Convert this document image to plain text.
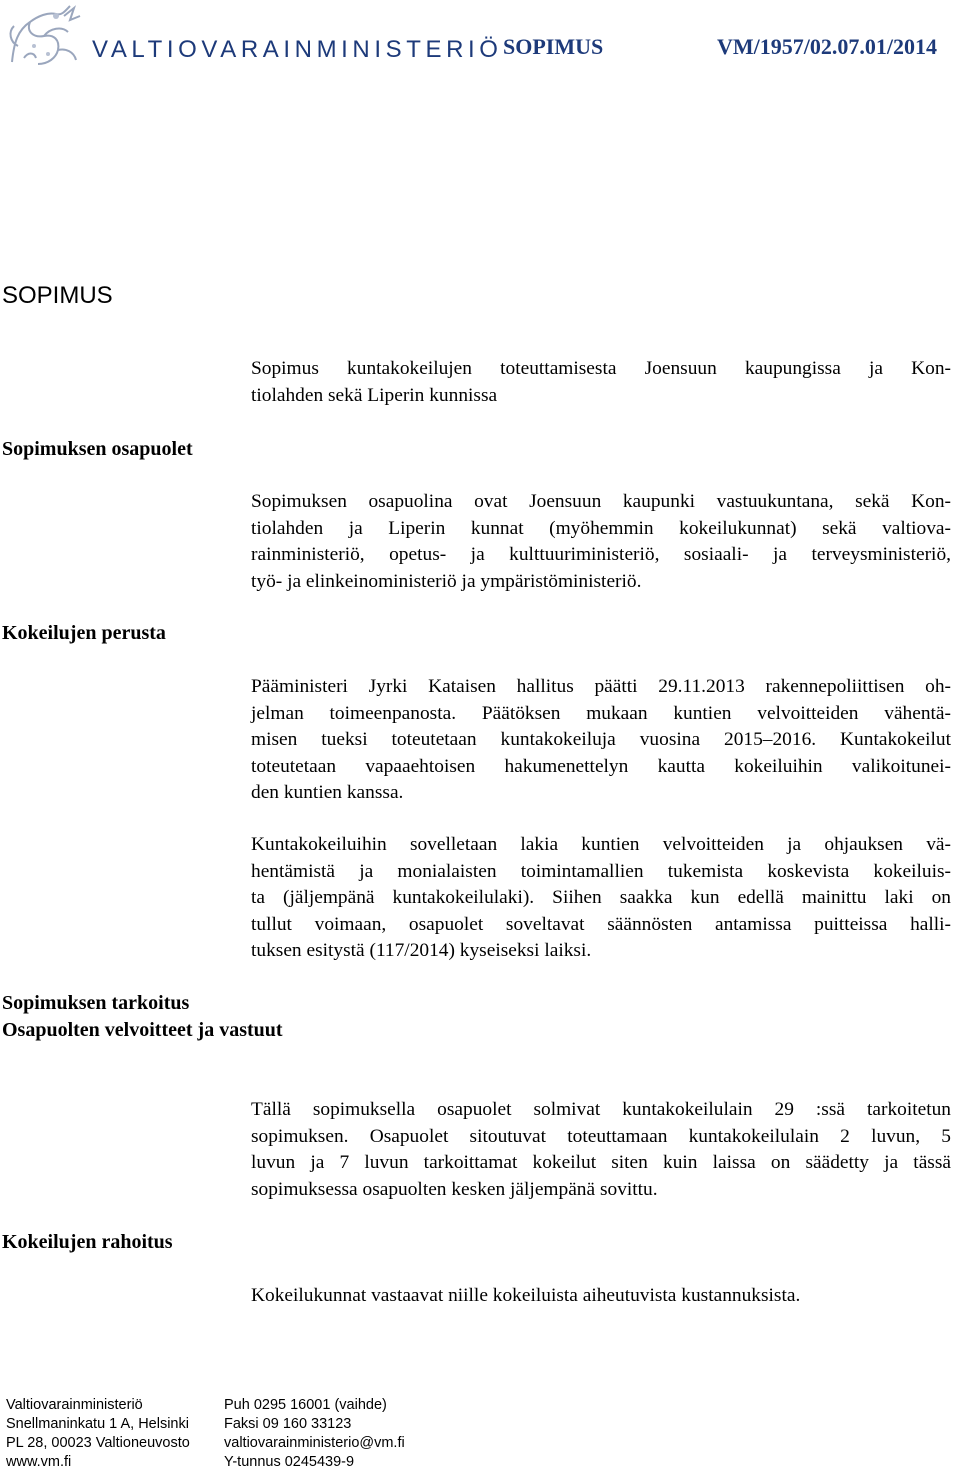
VALTIOVARAINMINISTERIÖ SOPIMUS	VM/1957/02.07.01/2014
SOPIMUS
Sopimus kuntakokeilujen toteuttamisesta Joensuun kaupungissa ja Kon-
tiolahden sekä Liperin kunnissa
Sopimuksen osapuolet
Sopimuksen osapuolina ovat Joensuun kaupunki vastuukuntana, sekä Kon-
tiolahden ja Liperin kunnat (myöhemmin kokeilukunnat) sekä valtiova-
rainministeriö, opetus- ja kulttuuriministeriö, sosiaali- ja terveysministeriö,
työ- ja elinkeinoministeriö ja ympäristöministeriö.
Kokeilujen perusta
Pääministeri Jyrki Kataisen hallitus päätti 29.11.2013 rakennepoliittisen oh-
jelman toimeenpanosta. Päätöksen mukaan kuntien velvoitteiden vähentä-
misen tueksi toteutetaan kuntakokeiluja vuosina 2015–2016. Kuntakokeilut
toteutetaan vapaaehtoisen hakumenettelyn kautta kokeiluihin valikoitunei-
den kuntien kanssa.
Kuntakokeiluihin sovelletaan lakia kuntien velvoitteiden ja ohjauksen vä-
hentämistä ja monialaisten toimintamallien tukemista koskevista kokeiluis-
ta (jäljempänä kuntakokeilulaki). Siihen saakka kun edellä mainittu laki on
tullut voimaan, osapuolet soveltavat säännösten antamissa puitteissa halli-
tuksen esitystä (117/2014) kyseiseksi laiksi.
Sopimuksen tarkoitus
Osapuolten velvoitteet ja vastuut
Tällä sopimuksella osapuolet solmivat kuntakokeilulain 29 :ssä tarkoitetun
sopimuksen. Osapuolet sitoutuvat toteuttamaan kuntakokeilulain 2 luvun, 5
luvun ja 7 luvun tarkoittamat kokeilut siten kuin laissa on säädetty ja tässä
sopimuksessa osapuolten kesken jäljempänä sovittu.
Kokeilujen rahoitus
Kokeilukunnat vastaavat niille kokeiluista aiheutuvista kustannuksista.
Valtiovarainministeriö
Snellmaninkatu 1 A, Helsinki
PL 28, 00023 Valtioneuvosto
www.vm.fi
Puh 0295 16001 (vaihde)
Faksi 09 160 33123
valtiovarainministerio@vm.fi
Y-tunnus 0245439-9
